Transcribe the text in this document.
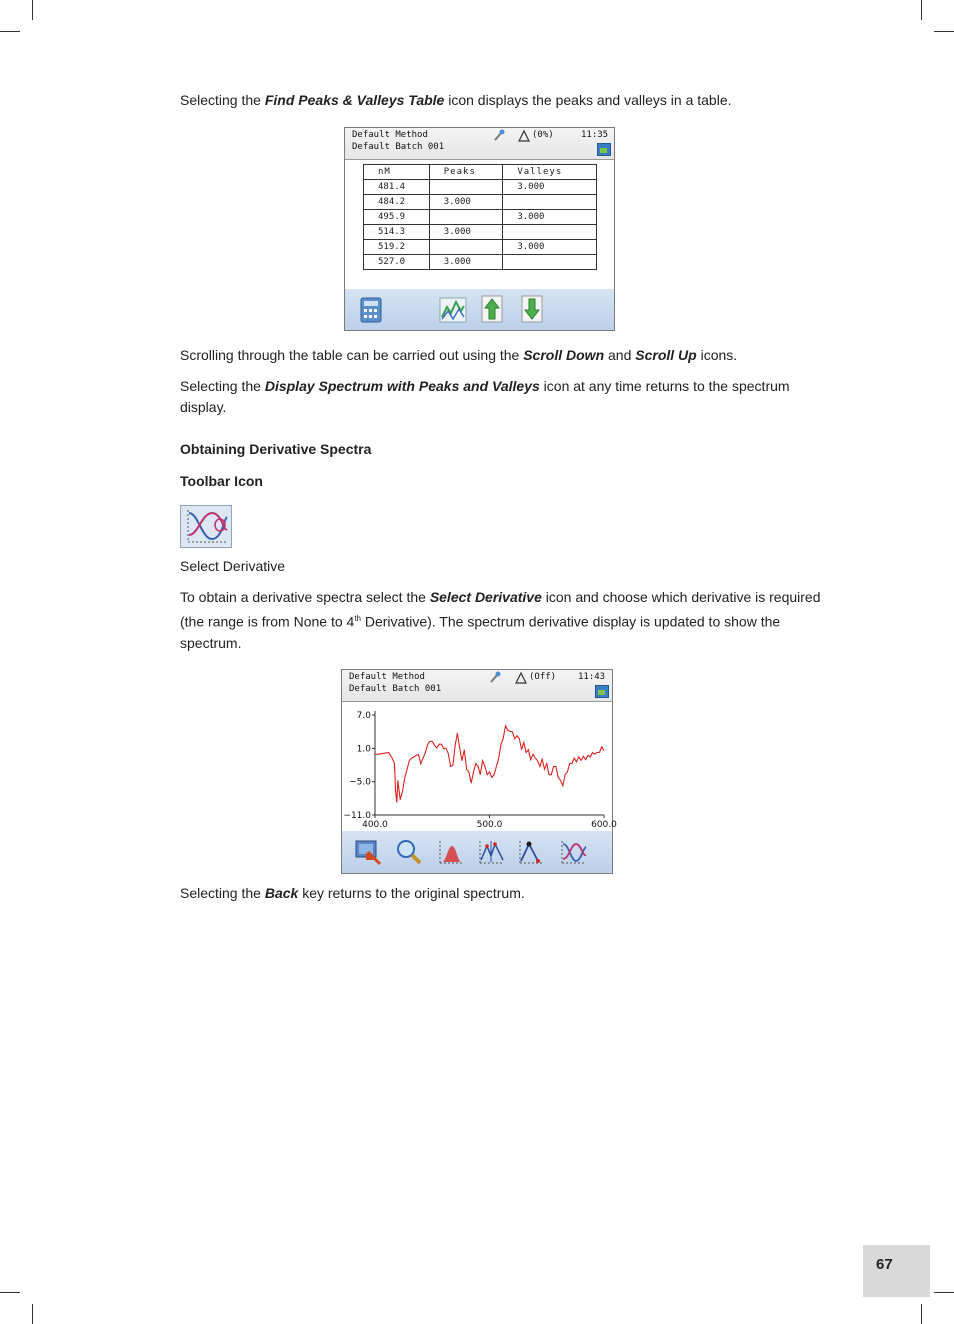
Selecting the Find Peaks & Valleys Table icon displays the peaks and valleys in a table.

Default Method
Default Batch 001
(0%)	11:35
nM	Peaks	Valleys
481.4		3.000
484.2	3.000	
495.9		3.000
514.3	3.000	
519.2		3.000
527.0	3.000	

Scrolling through the table can be carried out using the Scroll Down and Scroll Up icons.

Selecting the Display Spectrum with Peaks and Valleys icon at any time returns to the spectrum display.

Obtaining Derivative Spectra
Toolbar Icon

Select Derivative

To obtain a derivative spectra select the Select Derivative icon and choose which derivative is required (the range is from None to 4th Derivative). The spectrum derivative display is updated to show the spectrum.

Default Method
Default Batch 001
(Off) 11:43
7.0
1.0
−5.0
−11.0
400.0	500.0	600.0

Selecting the Back key returns to the original spectrum.

67
